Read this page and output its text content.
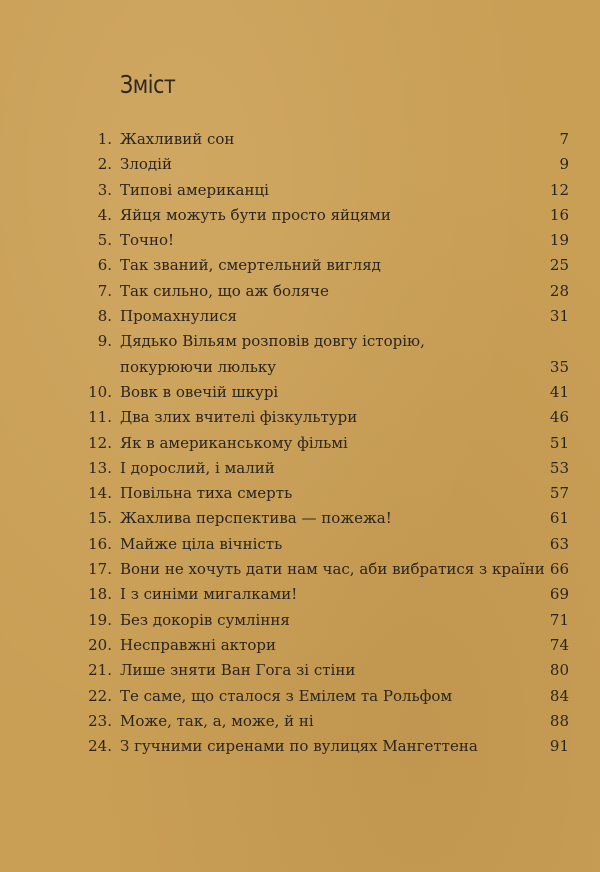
Зміст
1. Жахливий сон	7
2. Злодій	9
3. Типові американці	12
4. Яйця можуть бути просто яйцями	16
5. Точно!	19
6. Так званий, смертельний вигляд	25
7. Так сильно, що аж боляче	28
8. Промахнулися	31
9. Дядько Вільям розповів довгу історію, покурюючи люльку	35
10. Вовк в овечій шкурі	41
11. Два злих вчителі фізкультури	46
12. Як в американському фільмі	51
13. І дорослий, і малий	53
14. Повільна тиха смерть	57
15. Жахлива перспектива — пожежа!	61
16. Майже ціла вічність	63
17. Вони не хочуть дати нам час, аби вибратися з країни 66
18. І з синіми мигалками!	69
19. Без докорів сумління	71
20. Несправжні актори	74
21. Лише зняти Ван Гога зі стіни	80
22. Те саме, що сталося з Емілем та Рольфом	84
23. Може, так, а, може, й ні	88
24. З гучними сиренами по вулицях Мангеттена	91
